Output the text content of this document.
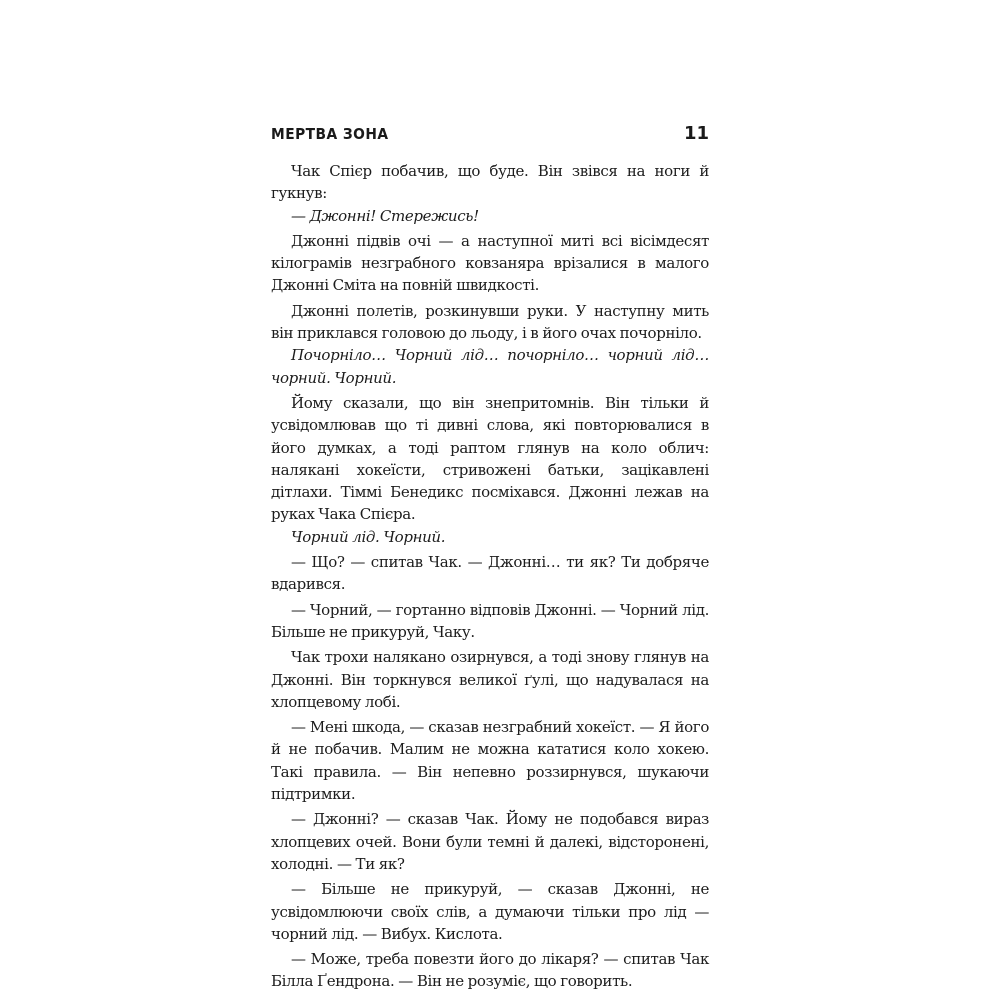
МЕРТВА ЗОНА	11

Чак Спієр побачив, що буде. Він звівся на ноги й гукнув:

— Джонні! Стережись!

Джонні підвів очі — а наступної миті всі вісімдесят кілограмів незграбного ковзаняра врізалися в малого Джонні Сміта на повній швидкості.

Джонні полетів, розкинувши руки. У наступну мить він приклався головою до льоду, і в його очах почорніло.

Почорніло… Чорний лід… почорніло… чорний лід… чорний. Чорний.

Йому сказали, що він знепритомнів. Він тільки й усвідомлював що ті дивні слова, які повторювалися в його думках, а тоді раптом глянув на коло облич: налякані хокеїсти, стривожені батьки, зацікавлені дітлахи. Тіммі Бенедикс посміхався. Джонні лежав на руках Чака Спієра.

Чорний лід. Чорний.

— Що? — спитав Чак. — Джонні… ти як? Ти добряче вдарився.

— Чорний, — гортанно відповів Джонні. — Чорний лід. Більше не прикуруй, Чаку.

Чак трохи налякано озирнувся, а тоді знову глянув на Джонні. Він торкнувся великої ґулі, що надувалася на хлопцевому лобі.

— Мені шкода, — сказав незграбний хокеїст. — Я його й не побачив. Малим не можна кататися коло хокею. Такі правила. — Він непевно роззирнувся, шукаючи підтримки.

— Джонні? — сказав Чак. Йому не подобався вираз хлопцевих очей. Вони були темні й далекі, відсторонені, холодні. — Ти як?

— Більше не прикуруй, — сказав Джонні, не усвідомлюючи своїх слів, а думаючи тільки про лід — чорний лід. — Вибух. Кислота.

— Може, треба повезти його до лікаря? — спитав Чак Білла Ґендрона. — Він не розуміє, що говорить.
